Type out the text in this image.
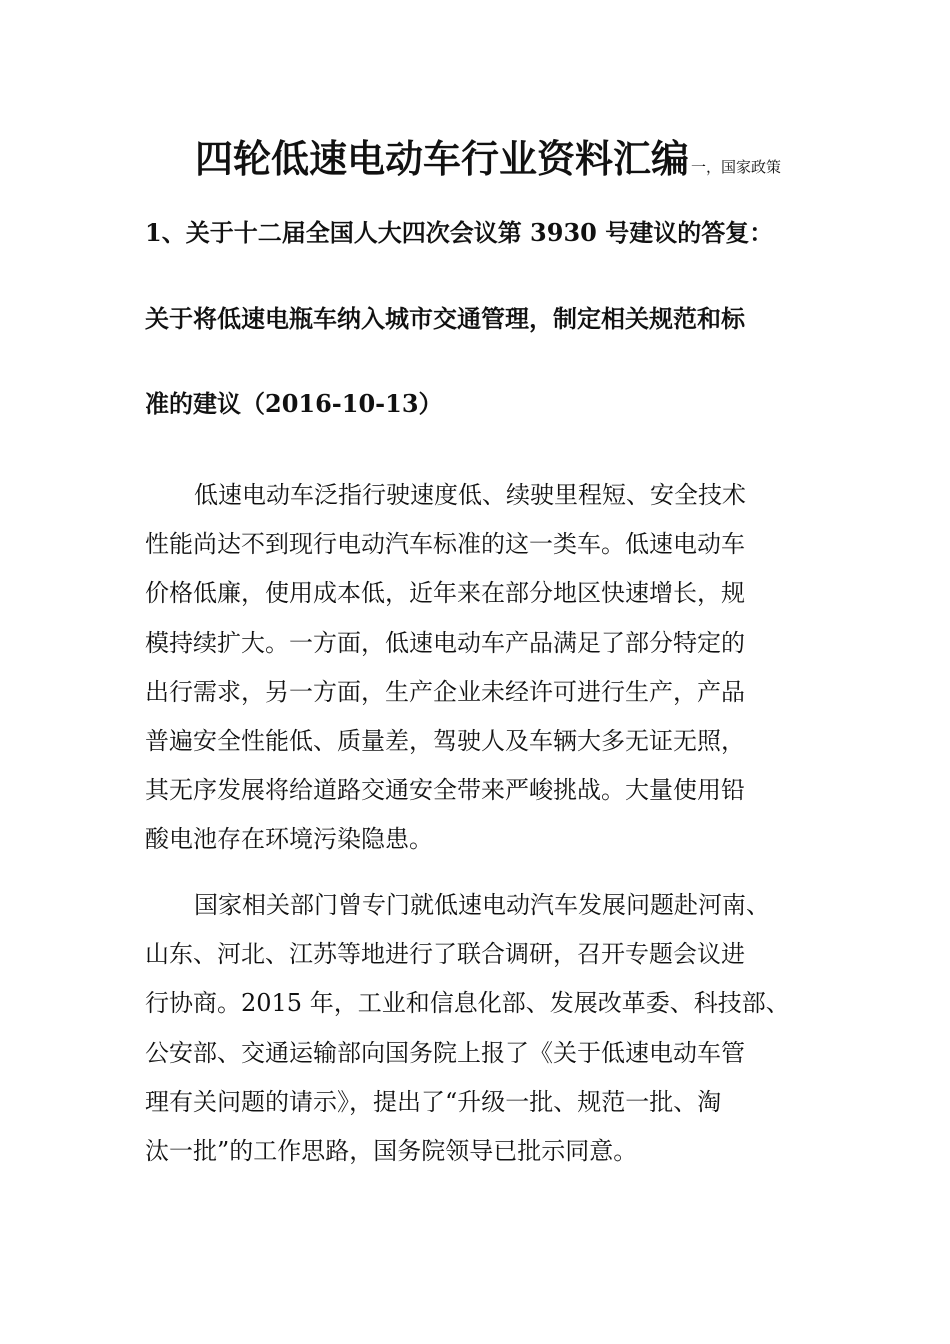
四轮低速电动车行业资料汇编 一，国家政策
1、关于十二届全国人大四次会议第 3930 号建议的答复：
关于将低速电瓶车纳入城市交通管理，制定相关规范和标
准的建议（2016-10-13）
低速电动车泛指行驶速度低、续驶里程短、安全技术
性能尚达不到现行电动汽车标准的这一类车。低速电动车
价格低廉，使用成本低，近年来在部分地区快速增长，规
模持续扩大。一方面，低速电动车产品满足了部分特定的
出行需求，另一方面，生产企业未经许可进行生产，产品
普遍安全性能低、质量差，驾驶人及车辆大多无证无照，
其无序发展将给道路交通安全带来严峻挑战。大量使用铅
酸电池存在环境污染隐患。
国家相关部门曾专门就低速电动汽车发展问题赴河南、
山东、河北、江苏等地进行了联合调研，召开专题会议进
行协商。2015 年，工业和信息化部、发展改革委、科技部、
公安部、交通运输部向国务院上报了《关于低速电动车管
理有关问题的请示》，提出了“升级一批、规范一批、淘
汰一批”的工作思路，国务院领导已批示同意。
